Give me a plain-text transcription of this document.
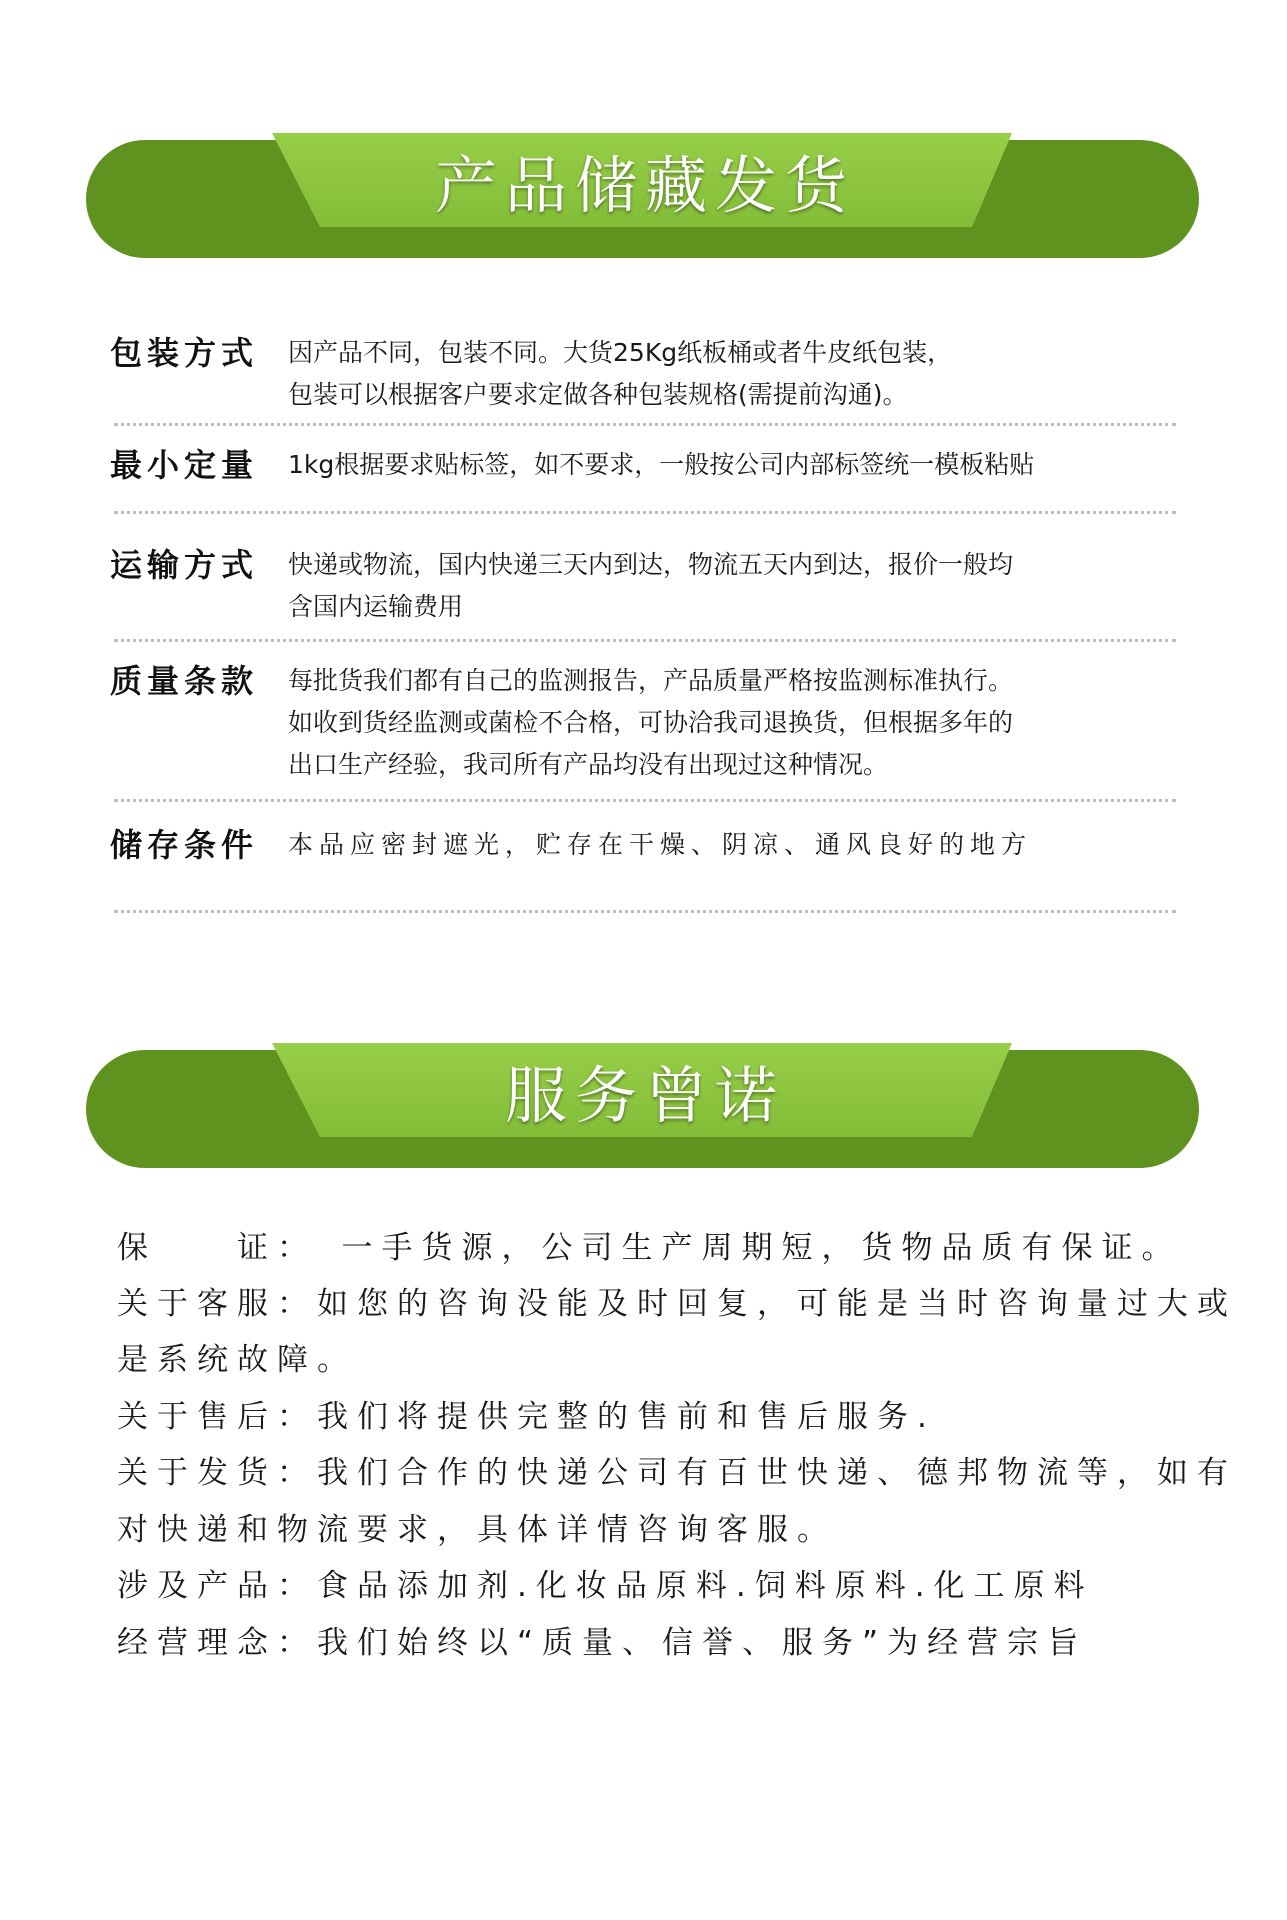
产品储藏发货
包装方式 因产品不同，包装不同。大货25Kg纸板桶或者牛皮纸包装，
包装可以根据客户要求定做各种包装规格(需提前沟通)。
最小定量 1kg根据要求贴标签，如不要求，一般按公司内部标签统一模板粘贴
运输方式 快递或物流，国内快递三天内到达，物流五天内到达，报价一般均
含国内运输费用
质量条款 每批货我们都有自己的监测报告，产品质量严格按监测标准执行。
如收到货经监测或菌检不合格，可协洽我司退换货，但根据多年的
出口生产经验，我司所有产品均没有出现过这种情况。
储存条件 本品应密封遮光，贮存在干燥、阴凉、通风良好的地方
服务曾诺
保　　证：　一手货源，公司生产周期短，货物品质有保证。
关于客服：如您的咨询没能及时回复，可能是当时咨询量过大或
是系统故障。
关于售后：我们将提供完整的售前和售后服务.
关于发货：我们合作的快递公司有百世快递、德邦物流等，如有
对快递和物流要求，具体详情咨询客服。
涉及产品：食品添加剂.化妆品原料.饲料原料.化工原料
经营理念：我们始终以“质量、信誉、服务”为经营宗旨
